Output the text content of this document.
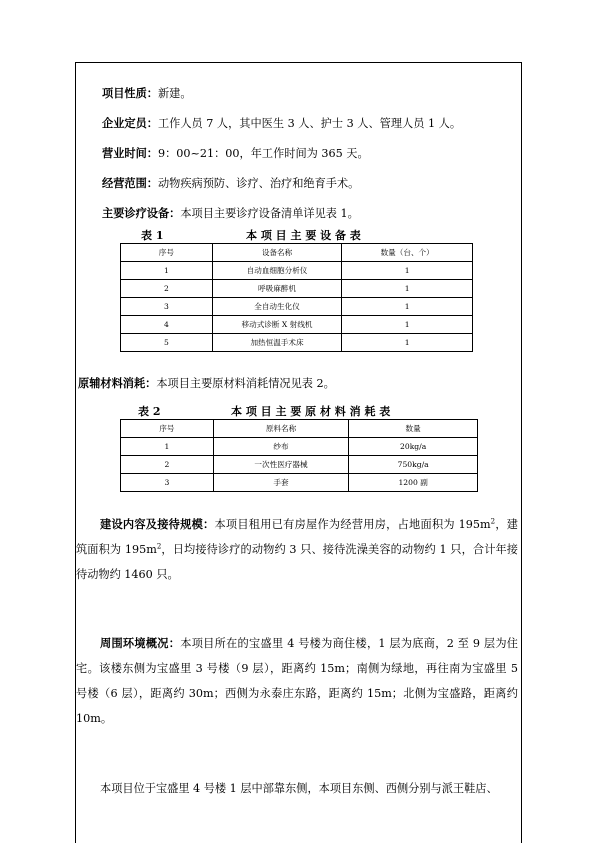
项目性质：新建。
企业定员：工作人员 7 人，其中医生 3 人、护士 3 人、管理人员 1 人。
营业时间：9：00~21：00，年工作时间为 365 天。
经营范围：动物疾病预防、诊疗、治疗和绝育手术。
主要诊疗设备：本项目主要诊疗设备清单详见表 1。
表 1	本 项 目 主 要 设 备 表
序号	设备名称	数量（台、个）
1	自动血细胞分析仪	1
2	呼吸麻醉机	1
3	全自动生化仪	1
4	移动式诊断 X 射线机	1
5	加热恒温手术床	1
原辅材料消耗：本项目主要原材料消耗情况见表 2。
表 2	本 项 目 主 要 原 材 料 消 耗 表
序号	原料名称	数量
1	纱布	20kg/a
2	一次性医疗器械	750kg/a
3	手套	1200 副
建设内容及接待规模：本项目租用已有房屋作为经营用房，占地面积为 $195m^2$，建筑面积为 $195m^2$，日均接待诊疗的动物约 3 只、接待洗澡美容的动物约 1 只，合计年接待动物约 1460 只。
周围环境概况：本项目所在的宝盛里 4 号楼为商住楼，1 层为底商，2 至 9 层为住宅。该楼东侧为宝盛里 3 号楼（9 层），距离约 15m；南侧为绿地，再往南为宝盛里 5 号楼（6 层），距离约 30m；西侧为永泰庄东路，距离约 15m；北侧为宝盛路，距离约 10m。
本项目位于宝盛里 4 号楼 1 层中部靠东侧，本项目东侧、西侧分别与派王鞋店、
